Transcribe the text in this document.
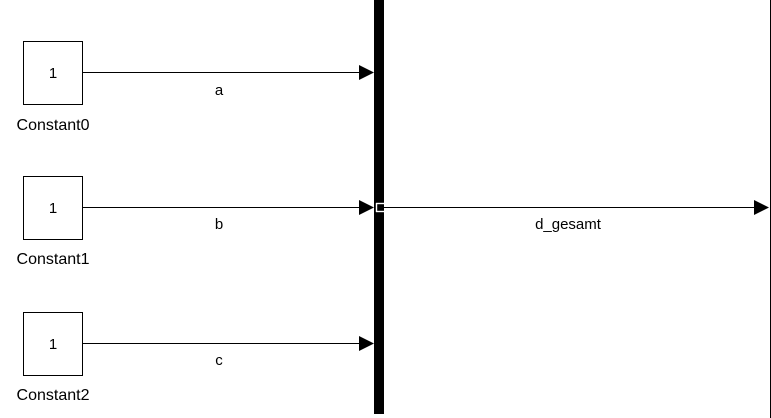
1
Constant0
1
Constant1
1
Constant2
a
b
c
d_gesamt
